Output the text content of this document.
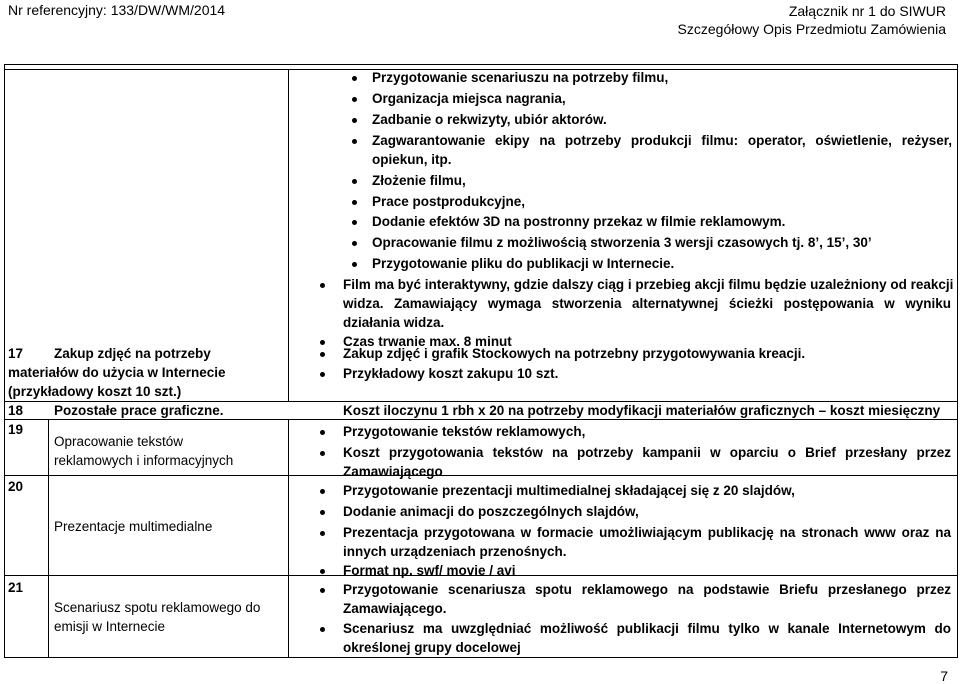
Nr referencyjny: 133/DW/WM/2014	Załącznik nr 1 do SIWUR
Szczegółowy Opis Przedmiotu Zamówienia
Przygotowanie scenariuszu na potrzeby filmu,
Organizacja miejsca nagrania,
Zadbanie o rekwizyty, ubiór aktorów.
Zagwarantowanie ekipy na potrzeby produkcji filmu: operator, oświetlenie, reżyser,
opiekun, itp.
Złożenie filmu,
Prace postprodukcyjne,
Dodanie efektów 3D na postronny przekaz w filmie reklamowym.
Opracowanie filmu z możliwością stworzenia 3 wersji czasowych tj. 8’, 15’, 30’
Przygotowanie pliku do publikacji w Internecie.
Film ma być interaktywny, gdzie dalszy ciąg i przebieg akcji filmu będzie uzależniony od reakcji
widza. Zamawiający wymaga stworzenia alternatywnej ścieżki postępowania w wyniku
działania widza.
Czas trwanie max. 8 minut
17 Zakup zdjęć na potrzeby
materiałów do użycia w Internecie
(przykładowy koszt 10 szt.)
Zakup zdjęć i grafik Stockowych na potrzebny przygotowywania kreacji.
Przykładowy koszt zakupu 10 szt.
18 Pozostałe prace graficzne.	Koszt iloczynu 1 rbh x 20 na potrzeby modyfikacji materiałów graficznych – koszt miesięczny
19
Opracowanie tekstów
reklamowych i informacyjnych
Przygotowanie tekstów reklamowych,
Koszt przygotowania tekstów na potrzeby kampanii w oparciu o Brief przesłany przez
Zamawiającego
20
Prezentacje multimedialne
Przygotowanie prezentacji multimedialnej składającej się z 20 slajdów,
Dodanie animacji do poszczególnych slajdów,
Prezentacja przygotowana w formacie umożliwiającym publikację na stronach www oraz na
innych urządzeniach przenośnych.
Format np. swf/ movie / avi
21
Scenariusz spotu reklamowego do
emisji w Internecie
Przygotowanie scenariusza spotu reklamowego na podstawie Briefu przesłanego przez
Zamawiającego.
Scenariusz ma uwzględniać możliwość publikacji filmu tylko w kanale Internetowym do
określonej grupy docelowej
7
